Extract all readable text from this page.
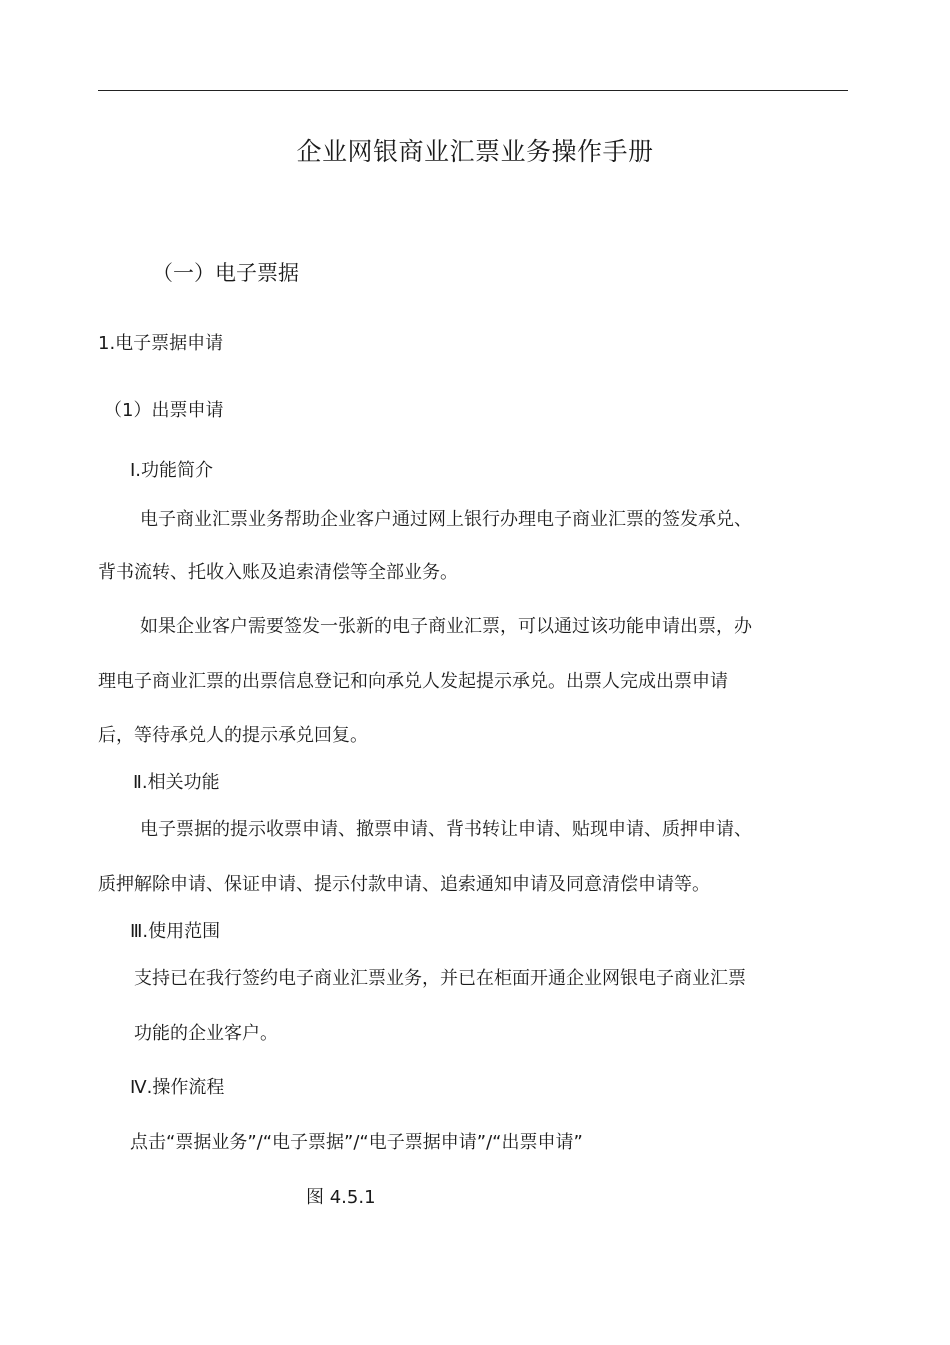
企业网银商业汇票业务操作手册
（一）电子票据
1.电子票据申请
（1）出票申请
Ⅰ.功能简介
电子商业汇票业务帮助企业客户通过网上银行办理电子商业汇票的签发承兑、
背书流转、托收入账及追索清偿等全部业务。
如果企业客户需要签发一张新的电子商业汇票，可以通过该功能申请出票，办
理电子商业汇票的出票信息登记和向承兑人发起提示承兑。出票人完成出票申请
后，等待承兑人的提示承兑回复。
Ⅱ.相关功能
电子票据的提示收票申请、撤票申请、背书转让申请、贴现申请、质押申请、
质押解除申请、保证申请、提示付款申请、追索通知申请及同意清偿申请等。
Ⅲ.使用范围
支持已在我行签约电子商业汇票业务，并已在柜面开通企业网银电子商业汇票
功能的企业客户。
Ⅳ.操作流程
点击“票据业务”/“电子票据”/“电子票据申请”/“出票申请”
图 4.5.1
